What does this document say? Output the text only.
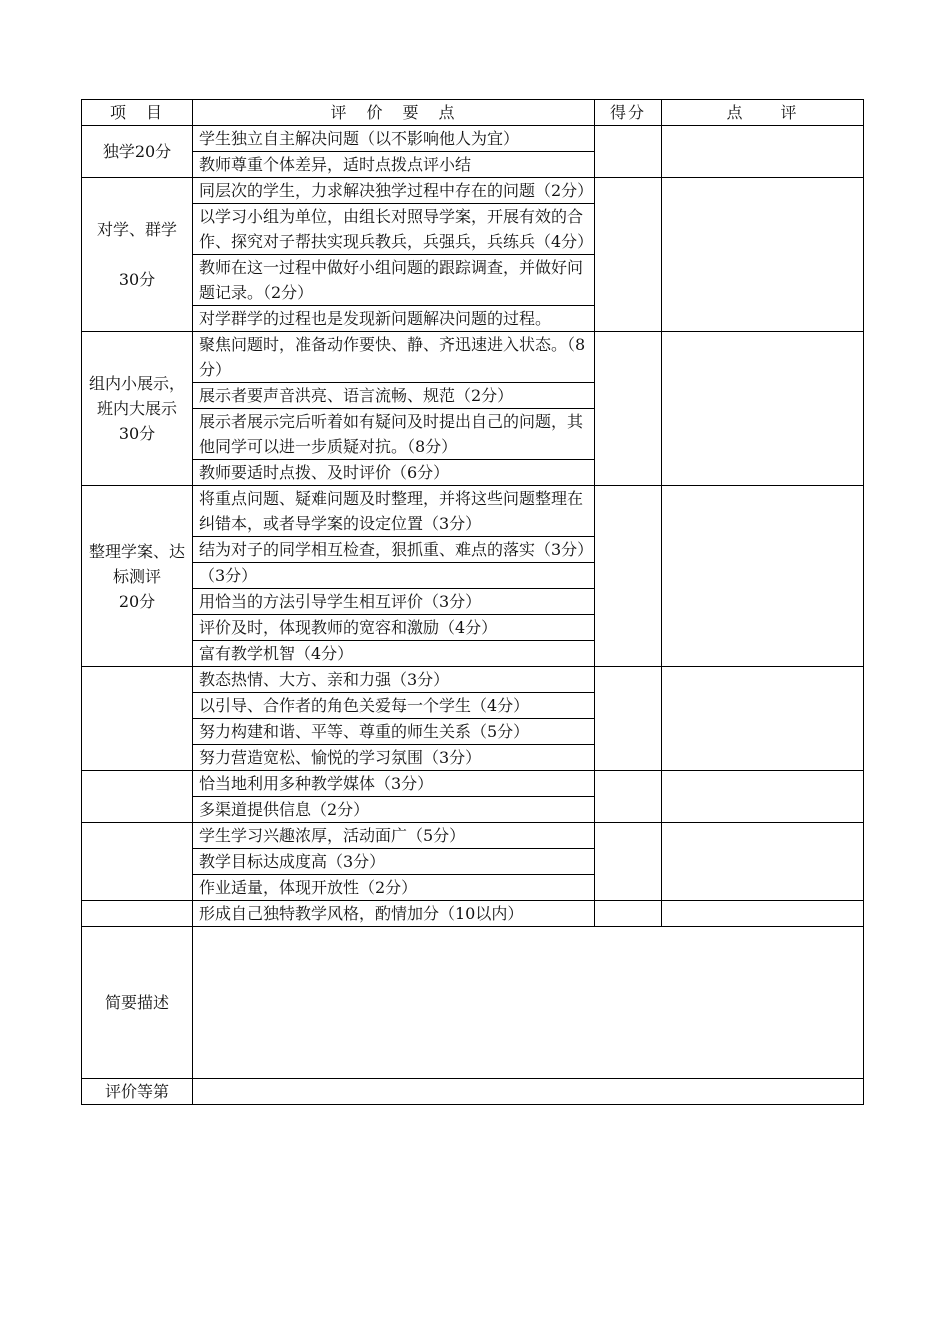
项　目	评　价　要　点	得分	点　　评
独学20分	学生独立自主解决问题（以不影响他人为宜）		
	教师尊重个体差异，适时点拨点评小结		
对学、群学

30分	同层次的学生，力求解决独学过程中存在的问题（2分）		
	以学习小组为单位，由组长对照导学案，开展有效的合作、探究对子帮扶实现兵教兵，兵强兵，兵练兵（4分）		
	教师在这一过程中做好小组问题的跟踪调查，并做好问题记录。（2分）		
	对学群学的过程也是发现新问题解决问题的过程。		
组内小展示，班内大展示30分	聚焦问题时，准备动作要快、静、齐迅速进入状态。（8分）		
	展示者要声音洪亮、语言流畅、规范（2分）		
	展示者展示完后听着如有疑问及时提出自己的问题，其他同学可以进一步质疑对抗。（8分）		
	教师要适时点拨、及时评价（6分）		
整理学案、达标测评
20分	将重点问题、疑难问题及时整理，并将这些问题整理在纠错本，或者导学案的设定位置（3分）		
	结为对子的同学相互检查，狠抓重、难点的落实（3分）		
	（3分）		
	用恰当的方法引导学生相互评价（3分）		
	评价及时，体现教师的宽容和激励（4分）		
	富有教学机智（4分）		
	教态热情、大方、亲和力强（3分）		
	以引导、合作者的角色关爱每一个学生（4分）		
	努力构建和谐、平等、尊重的师生关系（5分）		
	努力营造宽松、愉悦的学习氛围（3分）		
	恰当地利用多种教学媒体（3分）		
	多渠道提供信息（2分）		
	学生学习兴趣浓厚，活动面广（5分）		
	教学目标达成度高（3分）		
	作业适量，体现开放性（2分）		
	形成自己独特教学风格，酌情加分（10以内）		
简要描述			
评价等第			
